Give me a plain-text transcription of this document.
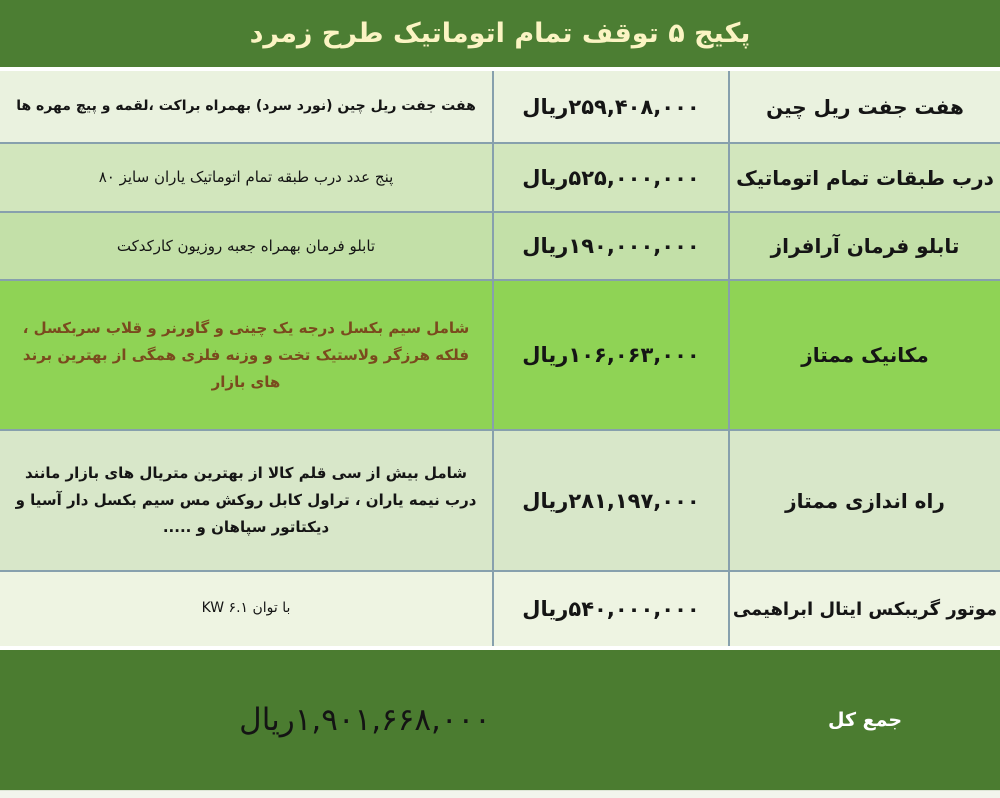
پکیج ۵ توقف تمام اتوماتیک طرح زمرد
هفت جفت ریل چین
۲۵۹,۴۰۸,۰۰۰ریال
هفت جفت ریل چین (نورد سرد) بهمراه براکت ،لقمه و پیچ مهره ها
درب طبقات تمام اتوماتیک
۵۲۵,۰۰۰,۰۰۰ریال
پنج عدد درب طبقه تمام اتوماتیک یاران سایز ۸۰
تابلو فرمان آرافراز
۱۹۰,۰۰۰,۰۰۰ریال
تابلو فرمان بهمراه جعبه روزیون کارکدکت
مکانیک ممتاز
۱۰۶,۰۶۳,۰۰۰ریال
شامل سیم بکسل درجه یک چینی و گاورنر و قلاب سربکسل ، فلکه هرزگر ولاستیک تخت و وزنه فلزی همگی از بهترین برند های بازار
راه اندازی ممتاز
۲۸۱,۱۹۷,۰۰۰ریال
شامل بیش از سی قلم کالا از بهترین متریال های بازار مانند درب نیمه یاران ، تراول کابل روکش مس سیم بکسل دار آسیا و دیکتاتور سپاهان و .....
موتور گریبکس ایتال ابراهیمی
۵۴۰,۰۰۰,۰۰۰ریال
با توان KW ۶.۱
جمع کل
۱,۹۰۱,۶۶۸,۰۰۰ریال
